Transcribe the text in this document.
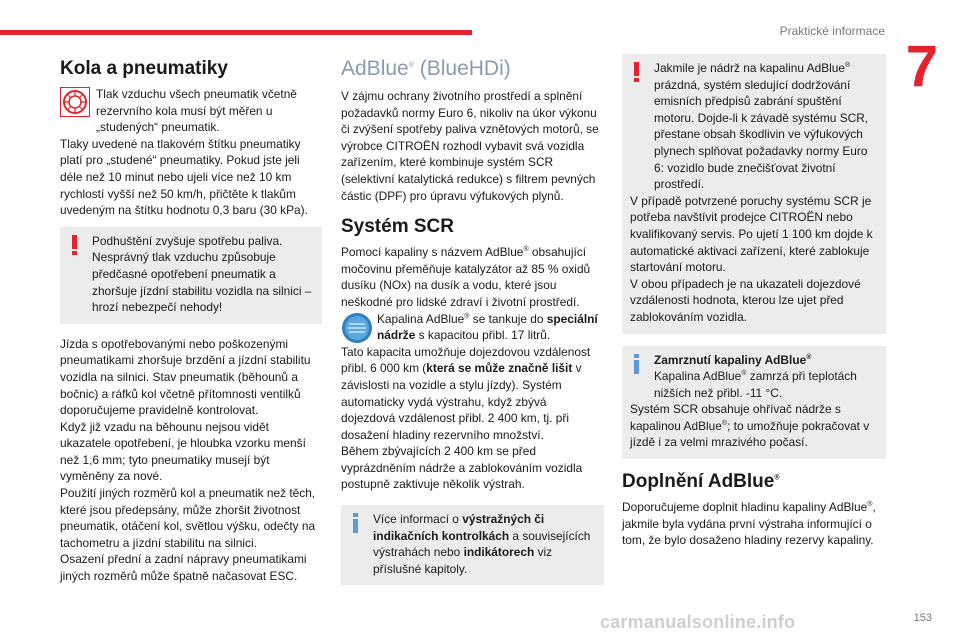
Praktické informace
7
Kola a pneumatiky

Tlak vzduchu všech pneumatik včetně rezervního kola musí být měřen u „studených“ pneumatik.

Tlaky uvedené na tlakovém štítku pneumatiky platí pro „studené“ pneumatiky. Pokud jste jeli déle než 10 minut nebo ujeli více než 10 km rychlostí vyšší než 50 km/h, přičtěte k tlakům uvedeným na štítku hodnotu 0,3 baru (30 kPa).

Podhuštění zvyšuje spotřebu paliva. Nesprávný tlak vzduchu způsobuje předčasné opotřebení pneumatik a zhoršuje jízdní stabilitu vozidla na silnici – hrozí nebezpečí nehody!

Jízda s opotřebovanými nebo poškozenými pneumatikami zhoršuje brzdění a jízdní stabilitu vozidla na silnici. Stav pneumatik (běhounů a bočnic) a ráfků kol včetně přítomnosti ventilků doporučujeme pravidelně kontrolovat.

Když již vzadu na běhounu nejsou vidět ukazatele opotřebení, je hloubka vzorku menší než 1,6 mm; tyto pneumatiky musejí být vyměněny za nové.

Použití jiných rozměrů kol a pneumatik než těch, které jsou předepsány, může zhoršit životnost pneumatik, otáčení kol, světlou výšku, odečty na tachometru a jízdní stabilitu na silnici.

Osazení přední a zadní nápravy pneumatikami jiných rozměrů může špatně načasovat ESC.

AdBlue® (BlueHDi)

V zájmu ochrany životního prostředí a splnění požadavků normy Euro 6, nikoliv na úkor výkonu či zvýšení spotřeby paliva vznětových motorů, se výrobce CITROËN rozhodl vybavit svá vozidla zařízením, které kombinuje systém SCR (selektivní katalytická redukce) s filtrem pevných částic (DPF) pro úpravu výfukových plynů.

Systém SCR

Pomocí kapaliny s názvem AdBlue® obsahující močovinu přeměňuje katalyzátor až 85 % oxidů dusíku (NOx) na dusík a vodu, které jsou neškodné pro lidské zdraví i životní prostředí.

Kapalina AdBlue® se tankuje do speciální nádrže s kapacitou přibl. 17 litrů.

Tato kapacita umožňuje dojezdovou vzdálenost přibl. 6 000 km (která se může značně lišit v závislosti na vozidle a stylu jízdy). Systém automaticky vydá výstrahu, když zbývá dojezdová vzdálenost přibl. 2 400 km, tj. při dosažení hladiny rezervního množství.

Během zbývajících 2 400 km se před vyprázdněním nádrže a zablokováním vozidla postupně zaktivuje několik výstrah.

Více informací o výstražných či indikačních kontrolkách a souvisejících výstrahách nebo indikátorech viz příslušné kapitoly.

Jakmile je nádrž na kapalinu AdBlue® prázdná, systém sledující dodržování emisních předpisů zabrání spuštění motoru. Dojde-li k závadě systému SCR, přestane obsah škodlivin ve výfukových plynech splňovat požadavky normy Euro 6: vozidlo bude znečišťovat životní prostředí.

V případě potvrzené poruchy systému SCR je potřeba navštívit prodejce CITROËN nebo kvalifikovaný servis. Po ujetí 1 100 km dojde k automatické aktivaci zařízení, které zablokuje startování motoru.

V obou případech je na ukazateli dojezdové vzdálenosti hodnota, kterou lze ujet před zablokováním vozidla.

Zamrznutí kapaliny AdBlue®

Kapalina AdBlue® zamrzá při teplotách nižších než přibl. -11 °C.

Systém SCR obsahuje ohřívač nádrže s kapalinou AdBlue®; to umožňuje pokračovat v jízdě i za velmi mrazivého počasí.

Doplnění AdBlue®

Doporučujeme doplnit hladinu kapaliny AdBlue®, jakmile byla vydána první výstraha informující o tom, že bylo dosaženo hladiny rezervy kapaliny.

carmanualsonline.info	153
